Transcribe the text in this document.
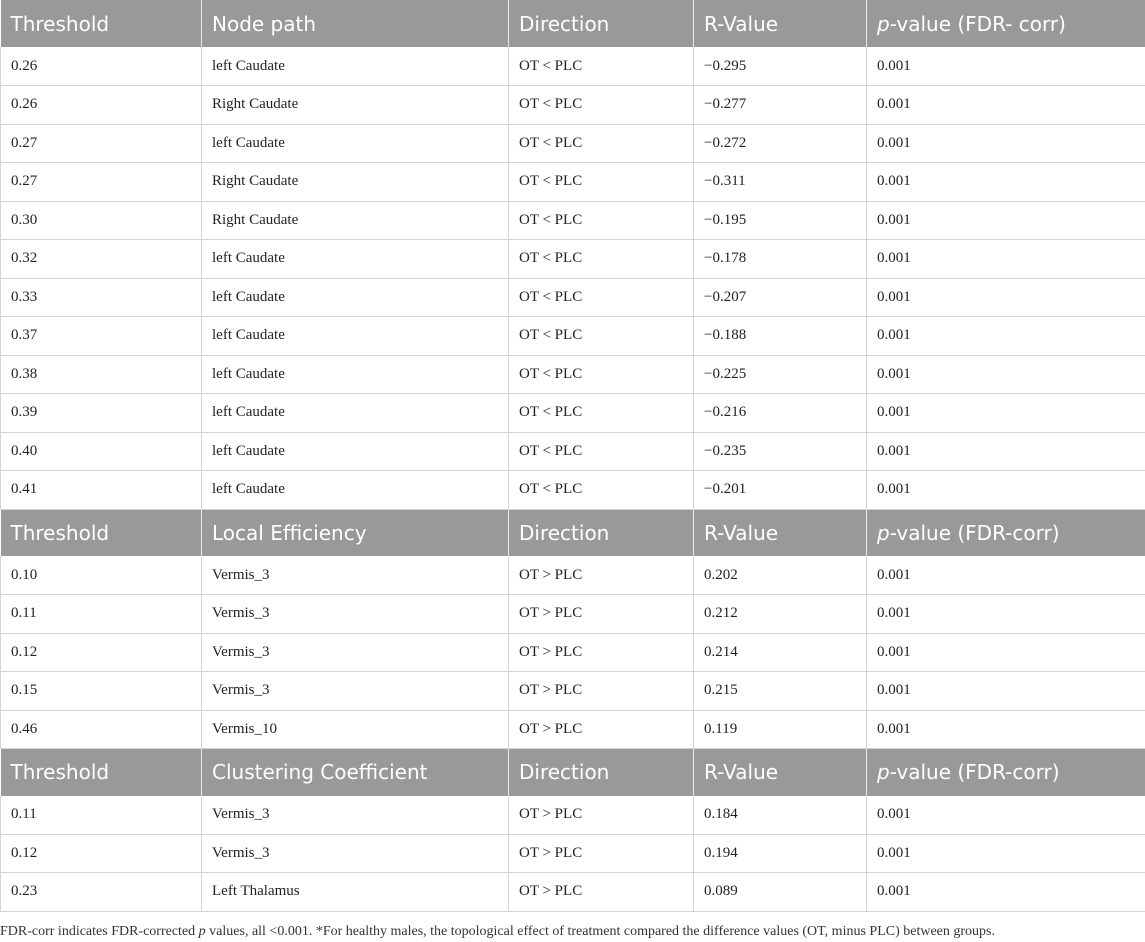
Threshold	Node path	Direction	R-Value	p-value (FDR- corr)
0.26	left Caudate	OT < PLC	−0.295	0.001
0.26	Right Caudate	OT < PLC	−0.277	0.001
0.27	left Caudate	OT < PLC	−0.272	0.001
0.27	Right Caudate	OT < PLC	−0.311	0.001
0.30	Right Caudate	OT < PLC	−0.195	0.001
0.32	left Caudate	OT < PLC	−0.178	0.001
0.33	left Caudate	OT < PLC	−0.207	0.001
0.37	left Caudate	OT < PLC	−0.188	0.001
0.38	left Caudate	OT < PLC	−0.225	0.001
0.39	left Caudate	OT < PLC	−0.216	0.001
0.40	left Caudate	OT < PLC	−0.235	0.001
0.41	left Caudate	OT < PLC	−0.201	0.001
Threshold	Local Efficiency	Direction	R-Value	p-value (FDR-corr)
0.10	Vermis_3	OT > PLC	0.202	0.001
0.11	Vermis_3	OT > PLC	0.212	0.001
0.12	Vermis_3	OT > PLC	0.214	0.001
0.15	Vermis_3	OT > PLC	0.215	0.001
0.46	Vermis_10	OT > PLC	0.119	0.001
Threshold	Clustering Coefficient	Direction	R-Value	p-value (FDR-corr)
0.11	Vermis_3	OT > PLC	0.184	0.001
0.12	Vermis_3	OT > PLC	0.194	0.001
0.23	Left Thalamus	OT > PLC	0.089	0.001
FDR-corr indicates FDR-corrected p values, all <0.001. *For healthy males, the topological effect of treatment compared the difference values (OT, minus PLC) between groups.
